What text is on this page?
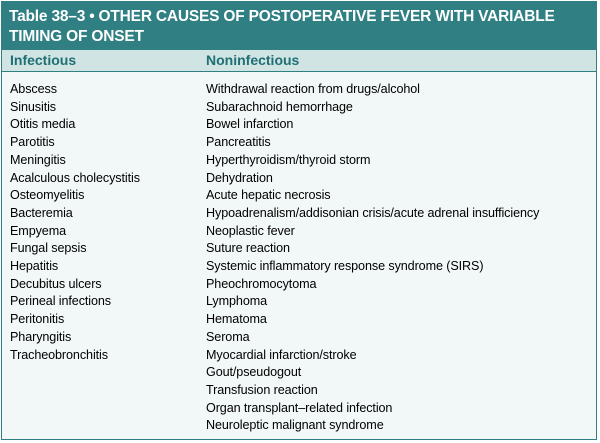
Table 38–3 • OTHER CAUSES OF POSTOPERATIVE FEVER WITH VARIABLE TIMING OF ONSET
Infectious	Noninfectious
Abscess
Sinusitis
Otitis media
Parotitis
Meningitis
Acalculous cholecystitis
Osteomyelitis
Bacteremia
Empyema
Fungal sepsis
Hepatitis
Decubitus ulcers
Perineal infections
Peritonitis
Pharyngitis
Tracheobronchitis
Withdrawal reaction from drugs/alcohol
Subarachnoid hemorrhage
Bowel infarction
Pancreatitis
Hyperthyroidism/thyroid storm
Dehydration
Acute hepatic necrosis
Hypoadrenalism/addisonian crisis/acute adrenal insufficiency
Neoplastic fever
Suture reaction
Systemic inflammatory response syndrome (SIRS)
Pheochromocytoma
Lymphoma
Hematoma
Seroma
Myocardial infarction/stroke
Gout/pseudogout
Transfusion reaction
Organ transplant–related infection
Neuroleptic malignant syndrome
